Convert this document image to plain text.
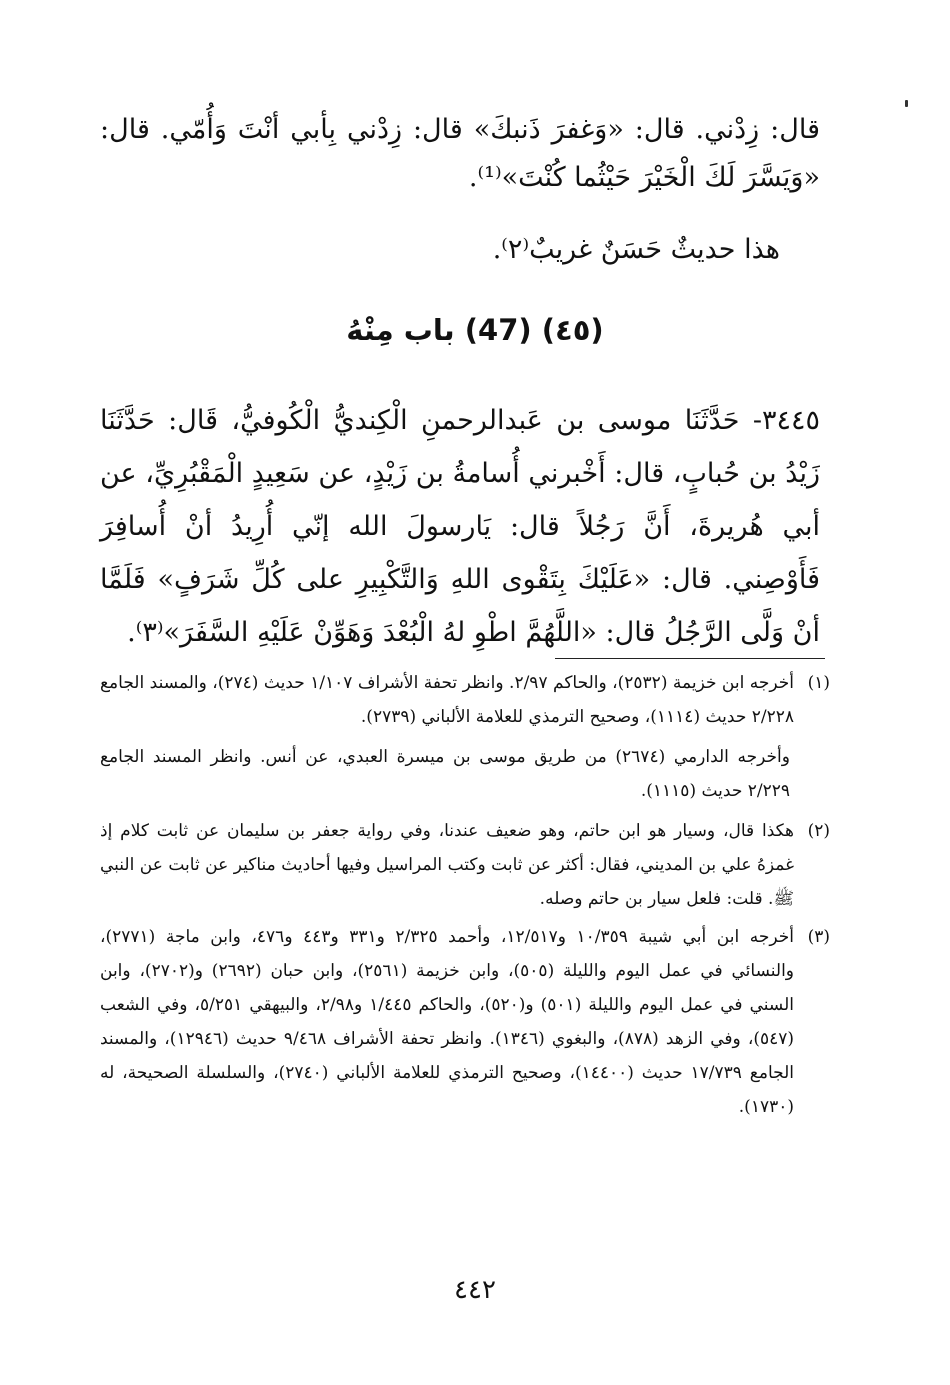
قال: زِدْني. قال: «وَغفرَ ذَنبكَ» قال: زِدْني بِأبي أنْتَ وَأُمّي. قال: «وَيَسَّرَ لَكَ الْخَيْرَ حَيْثُما كُنْتَ»⁽¹⁾.
هذا حديثٌ حَسَنٌ غريبٌ⁽٢⁾.
(٤٥) (47) باب مِنْهُ

٣٤٤٥- حَدَّثَنَا موسى بن عَبدالرحمنِ الْكِنديُّ الْكُوفيُّ، قَال: حَدَّثَنَا زَيْدُ بن حُبابٍ، قال: أَخْبرني أُسامةُ بن زَيْدٍ، عن سَعِيدٍ الْمَقْبُرِيِّ، عن أبي هُريرةَ، أَنَّ رَجُلاً قال: يَارسولَ الله إنّي أُرِيدُ أنْ أُسافِرَ فَأَوْصِني. قال: «عَلَيْكَ بِتَقْوى اللهِ وَالتَّكْبِيرِ على كُلِّ شَرَفٍ» فَلَمَّا أنْ وَلَّى الرَّجُلُ قال: «اللَّهُمَّ اطْوِ لهُ الْبُعْدَ وَهَوِّنْ عَلَيْهِ السَّفَرَ»⁽٣⁾.

(١)

أخرجه ابن خزيمة (٢٥٣٢)، والحاكم ٢/٩٧. وانظر تحفة الأشراف ١/١٠٧ حديث (٢٧٤)، والمسند الجامع ٢/٢٢٨ حديث (١١١٤)، وصحيح الترمذي للعلامة الألباني (٢٧٣٩).

وأخرجه الدارمي (٢٦٧٤) من طريق موسى بن ميسرة العبدي، عن أنس. وانظر المسند الجامع ٢/٢٢٩ حديث (١١١٥).
(٢)

هكذا قال، وسيار هو ابن حاتم، وهو ضعيف عندنا، وفي رواية جعفر بن سليمان عن ثابت كلام إذ غمزهُ علي بن المديني، فقال: أكثر عن ثابت وكتب المراسيل وفيها أحاديث مناكير عن ثابت عن النبي ﷺ. قلت: فلعل سيار بن حاتم وصله.

(٣)

أخرجه ابن أبي شيبة ١٠/٣٥٩ و١٢/٥١٧، وأحمد ٢/٣٢٥ و٣٣١ و٤٤٣ و٤٧٦، وابن ماجة (٢٧٧١)، والنسائي في عمل اليوم والليلة (٥٠٥)، وابن خزيمة (٢٥٦١)، وابن حبان (٢٦٩٢) و(٢٧٠٢)، وابن السني في عمل اليوم والليلة (٥٠١) و(٥٢٠)، والحاكم ١/٤٤٥ و٢/٩٨، والبيهقي ٥/٢٥١، وفي الشعب (٥٤٧)، وفي الزهد (٨٧٨)، والبغوي (١٣٤٦). وانظر تحفة الأشراف ٩/٤٦٨ حديث (١٢٩٤٦)، والمسند الجامع ١٧/٧٣٩ حديث (١٤٤٠٠)، وصحيح الترمذي للعلامة الألباني (٢٧٤٠)، والسلسلة الصحيحة، له (١٧٣٠).

٤٤٢
